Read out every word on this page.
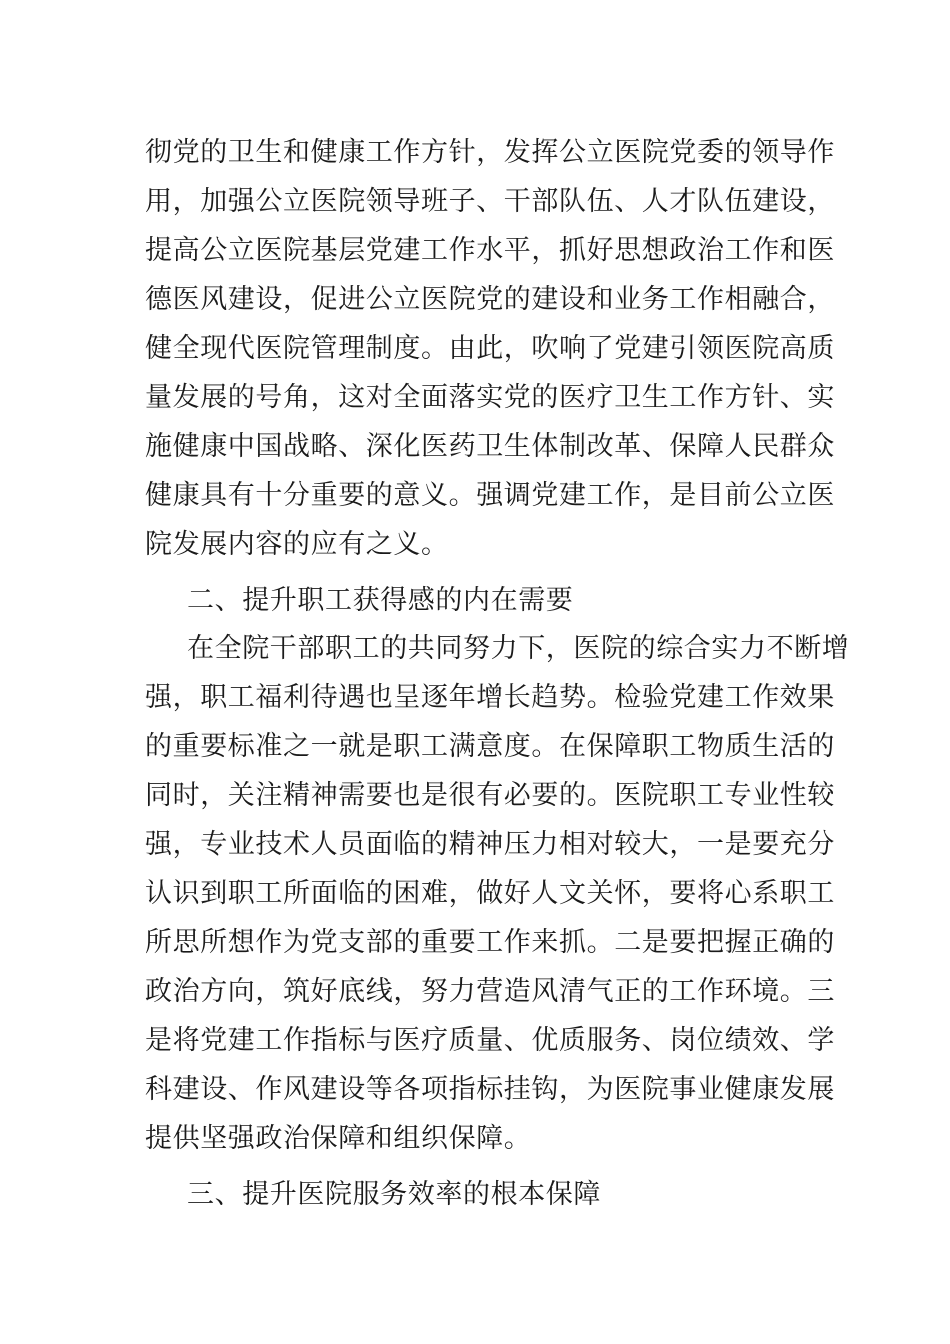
彻党的卫生和健康工作方针，发挥公立医院党委的领导作
用，加强公立医院领导班子、干部队伍、人才队伍建设，
提高公立医院基层党建工作水平，抓好思想政治工作和医
德医风建设，促进公立医院党的建设和业务工作相融合，
健全现代医院管理制度。由此，吹响了党建引领医院高质
量发展的号角，这对全面落实党的医疗卫生工作方针、实
施健康中国战略、深化医药卫生体制改革、保障人民群众
健康具有十分重要的意义。强调党建工作，是目前公立医
院发展内容的应有之义。
二、提升职工获得感的内在需要
在全院干部职工的共同努力下，医院的综合实力不断增
强，职工福利待遇也呈逐年增长趋势。检验党建工作效果
的重要标准之一就是职工满意度。在保障职工物质生活的
同时，关注精神需要也是很有必要的。医院职工专业性较
强，专业技术人员面临的精神压力相对较大，一是要充分
认识到职工所面临的困难，做好人文关怀，要将心系职工
所思所想作为党支部的重要工作来抓。二是要把握正确的
政治方向，筑好底线，努力营造风清气正的工作环境。三
是将党建工作指标与医疗质量、优质服务、岗位绩效、学
科建设、作风建设等各项指标挂钩，为医院事业健康发展
提供坚强政治保障和组织保障。
三、提升医院服务效率的根本保障
